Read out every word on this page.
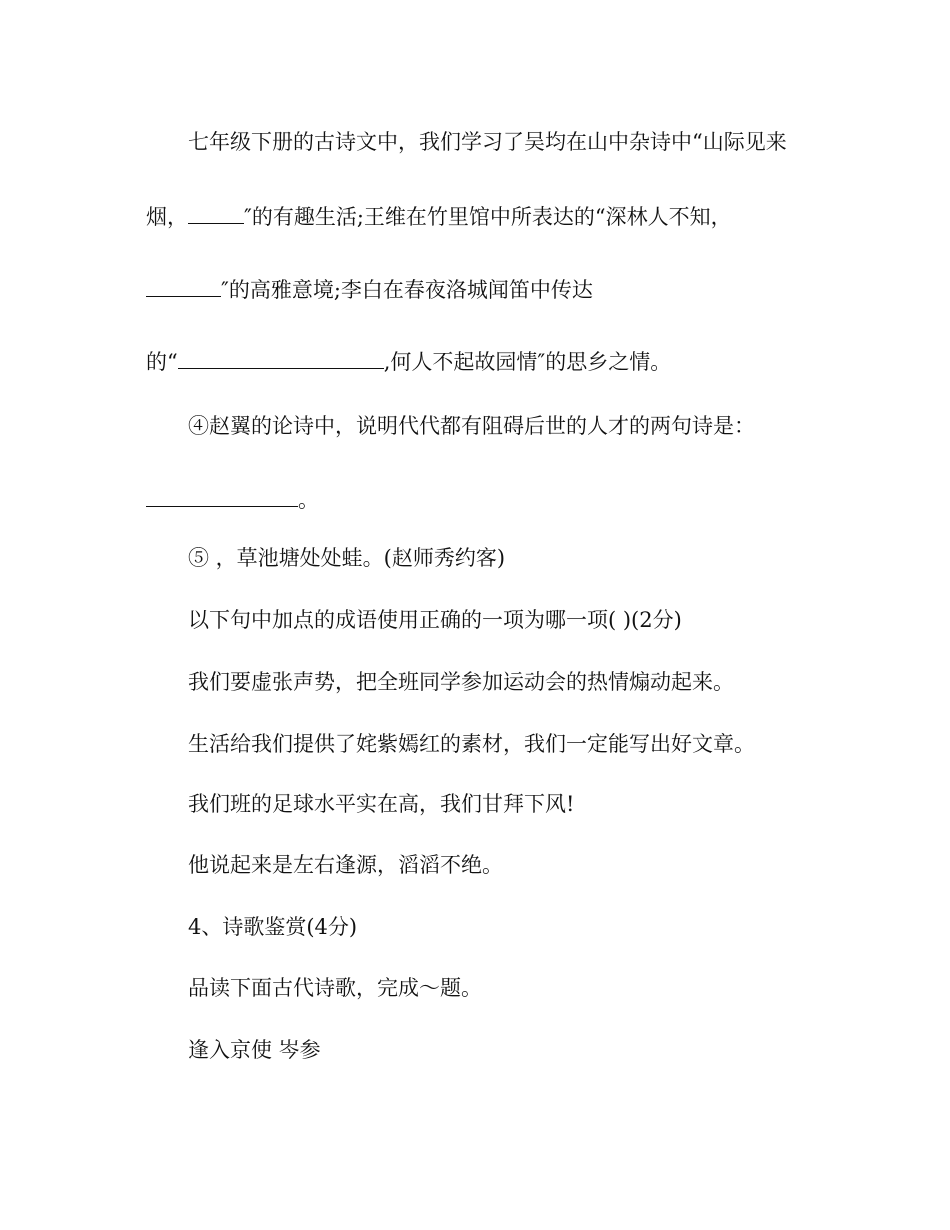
七年级下册的古诗文中，我们学习了吴均在山中杂诗中“山际见来
烟，	″的有趣生活;王维在竹里馆中所表达的“深林人不知，
″的高雅意境;李白在春夜洛城闻笛中传达
的“	,何人不起故园情″的思乡之情。
④赵翼的论诗中，说明代代都有阻碍后世的人才的两句诗是：
。
⑤ ，草池塘处处蛙。(赵师秀约客)
以下句中加点的成语使用正确的一项为哪一项( )(2分)
我们要虚张声势，把全班同学参加运动会的热情煽动起来。
生活给我们提供了姹紫嫣红的素材，我们一定能写出好文章。
我们班的足球水平实在高，我们甘拜下风!
他说起来是左右逢源，滔滔不绝。
4、诗歌鉴赏(4分)
品读下面古代诗歌，完成～题。
逢入京使 岑参
